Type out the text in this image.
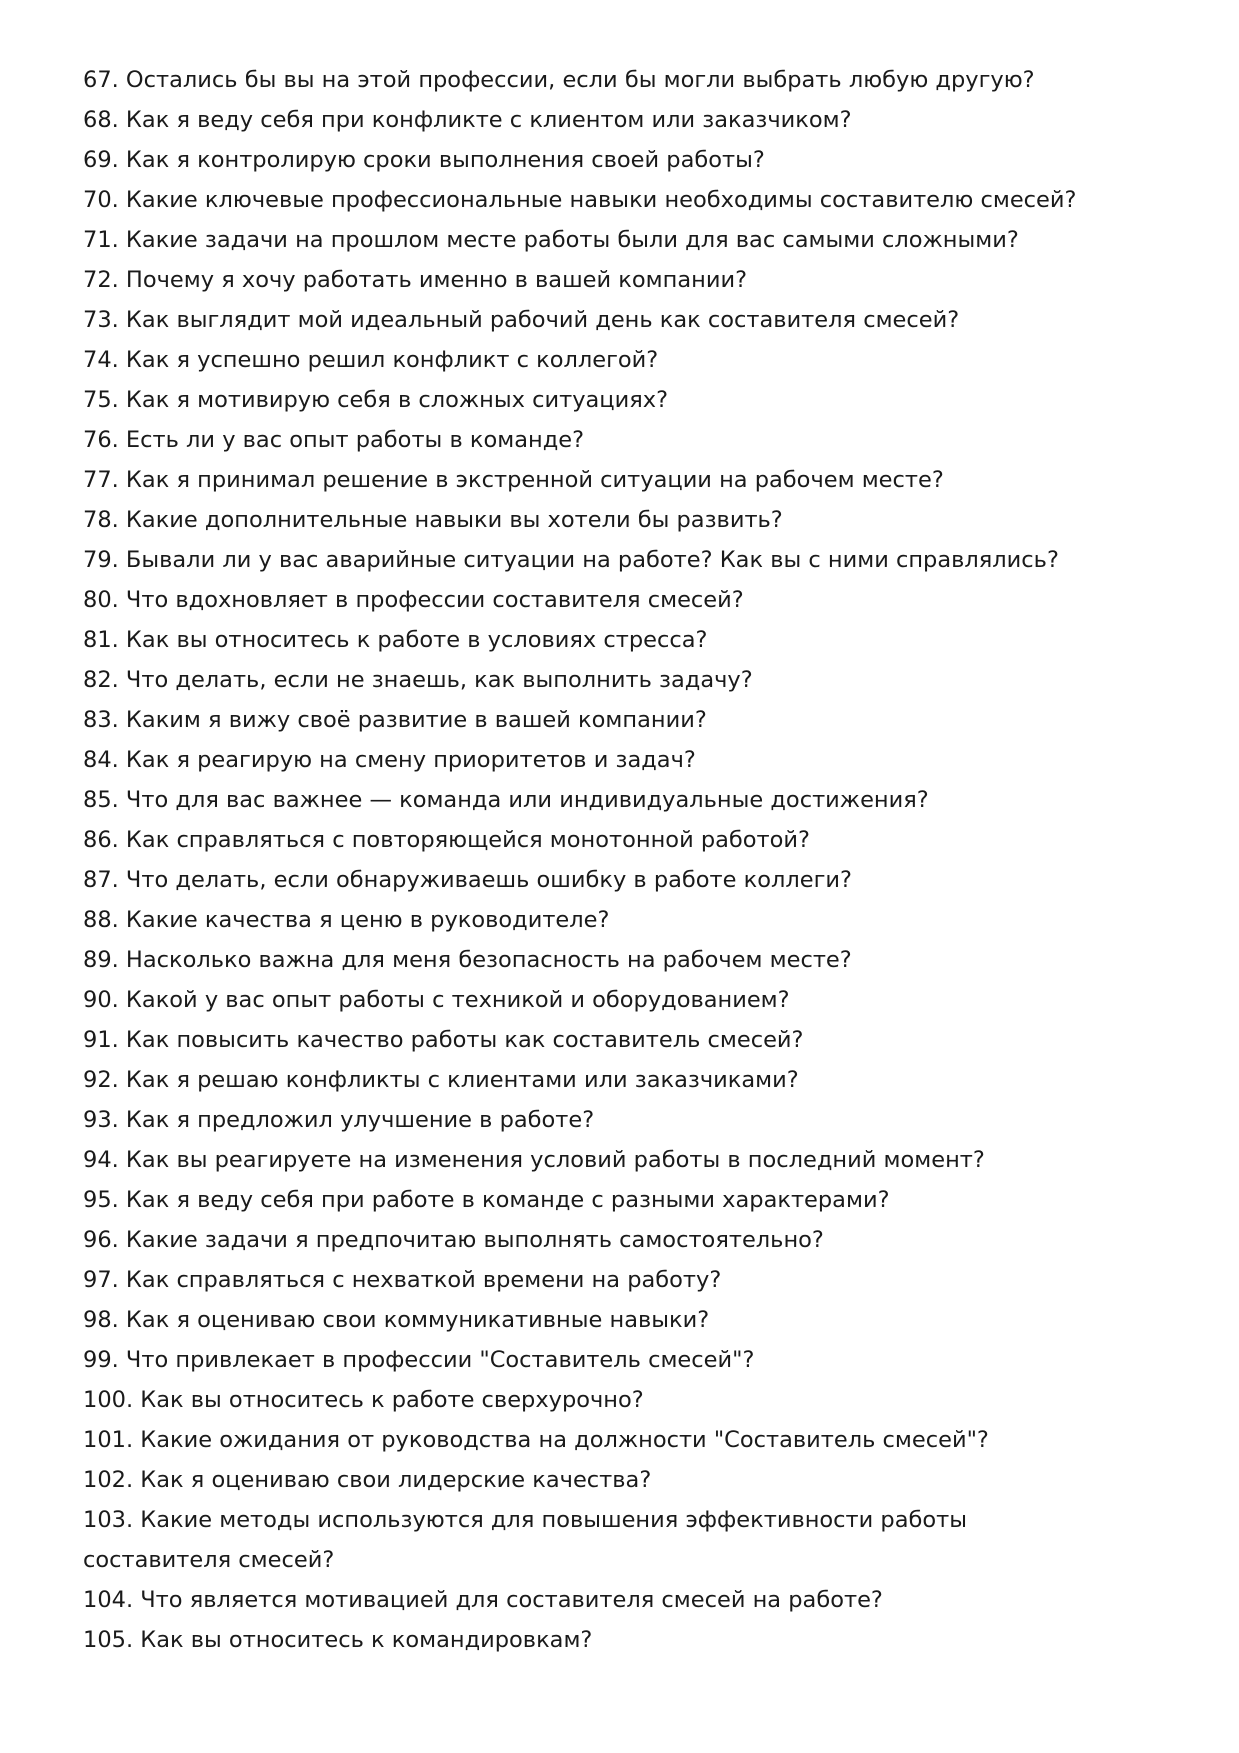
67. Остались бы вы на этой профессии, если бы могли выбрать любую другую?
68. Как я веду себя при конфликте с клиентом или заказчиком?
69. Как я контролирую сроки выполнения своей работы?
70. Какие ключевые профессиональные навыки необходимы составителю смесей?
71. Какие задачи на прошлом месте работы были для вас самыми сложными?
72. Почему я хочу работать именно в вашей компании?
73. Как выглядит мой идеальный рабочий день как составителя смесей?
74. Как я успешно решил конфликт с коллегой?
75. Как я мотивирую себя в сложных ситуациях?
76. Есть ли у вас опыт работы в команде?
77. Как я принимал решение в экстренной ситуации на рабочем месте?
78. Какие дополнительные навыки вы хотели бы развить?
79. Бывали ли у вас аварийные ситуации на работе? Как вы с ними справлялись?
80. Что вдохновляет в профессии составителя смесей?
81. Как вы относитесь к работе в условиях стресса?
82. Что делать, если не знаешь, как выполнить задачу?
83. Каким я вижу своё развитие в вашей компании?
84. Как я реагирую на смену приоритетов и задач?
85. Что для вас важнее — команда или индивидуальные достижения?
86. Как справляться с повторяющейся монотонной работой?
87. Что делать, если обнаруживаешь ошибку в работе коллеги?
88. Какие качества я ценю в руководителе?
89. Насколько важна для меня безопасность на рабочем месте?
90. Какой у вас опыт работы с техникой и оборудованием?
91. Как повысить качество работы как составитель смесей?
92. Как я решаю конфликты с клиентами или заказчиками?
93. Как я предложил улучшение в работе?
94. Как вы реагируете на изменения условий работы в последний момент?
95. Как я веду себя при работе в команде с разными характерами?
96. Какие задачи я предпочитаю выполнять самостоятельно?
97. Как справляться с нехваткой времени на работу?
98. Как я оцениваю свои коммуникативные навыки?
99. Что привлекает в профессии "Составитель смесей"?
100. Как вы относитесь к работе сверхурочно?
101. Какие ожидания от руководства на должности "Составитель смесей"?
102. Как я оцениваю свои лидерские качества?
103. Какие методы используются для повышения эффективности работы составителя смесей?
104. Что является мотивацией для составителя смесей на работе?
105. Как вы относитесь к командировкам?
